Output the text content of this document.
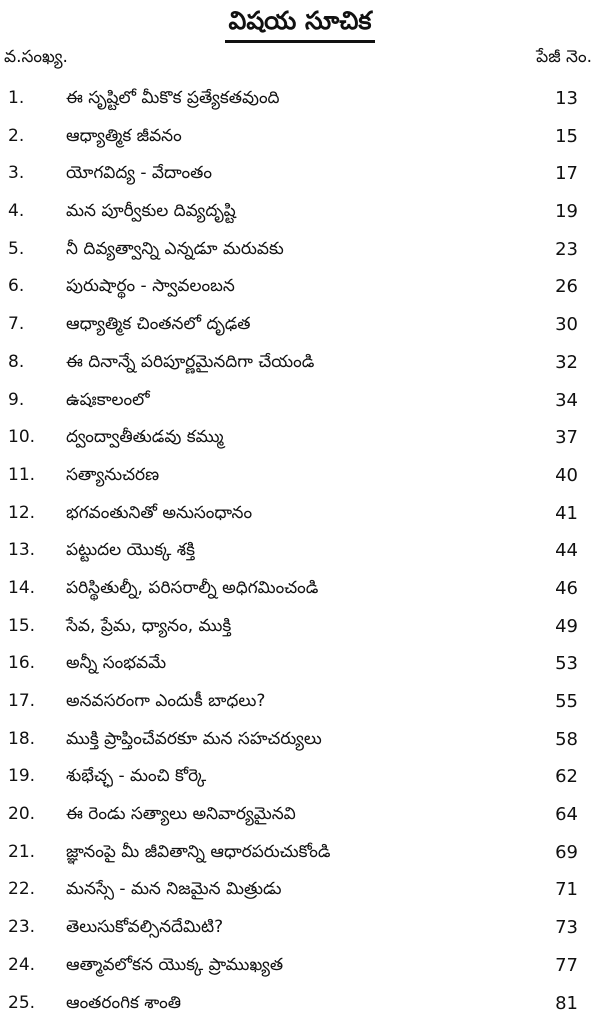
విషయ సూచిక
వ.సంఖ్య.	పేజీ నెం.
1.	ఈ సృష్టిలో మీకొక ప్రత్యేకతవుంది	13
2.	ఆధ్యాత్మిక జీవనం	15
3.	యోగవిద్య - వేదాంతం	17
4.	మన పూర్వీకుల దివ్యదృష్టి	19
5.	నీ దివ్యత్వాన్ని ఎన్నడూ మరువకు	23
6.	పురుషార్థం - స్వావలంబన	26
7.	ఆధ్యాత్మిక చింతనలో దృఢత	30
8.	ఈ దినాన్నే పరిపూర్ణమైనదిగా చేయండి	32
9.	ఉషఃకాలంలో	34
10.	ద్వంద్వాతీతుడవు కమ్ము	37
11.	సత్యానుచరణ	40
12.	భగవంతునితో అనుసంధానం	41
13.	పట్టుదల యొక్క శక్తి	44
14.	పరిస్థితుల్నీ, పరిసరాల్నీ అధిగమించండి	46
15.	సేవ, ప్రేమ, ధ్యానం, ముక్తి	49
16.	అన్నీ సంభవమే	53
17.	అనవసరంగా ఎందుకీ బాధలు?	55
18.	ముక్తి ప్రాప్తించేవరకూ మన సహచర్యులు	58
19.	శుభేచ్ఛ - మంచి కోర్కె	62
20.	ఈ రెండు సత్యాలు అనివార్యమైనవి	64
21.	జ్ఞానంపై మీ జీవితాన్ని ఆధారపరుచుకోండి	69
22.	మనస్సే - మన నిజమైన మిత్రుడు	71
23.	తెలుసుకోవల్సినదేమిటి?	73
24.	ఆత్మావలోకన యొక్క ప్రాముఖ్యత	77
25.	ఆంతరంగిక శాంతి	81
